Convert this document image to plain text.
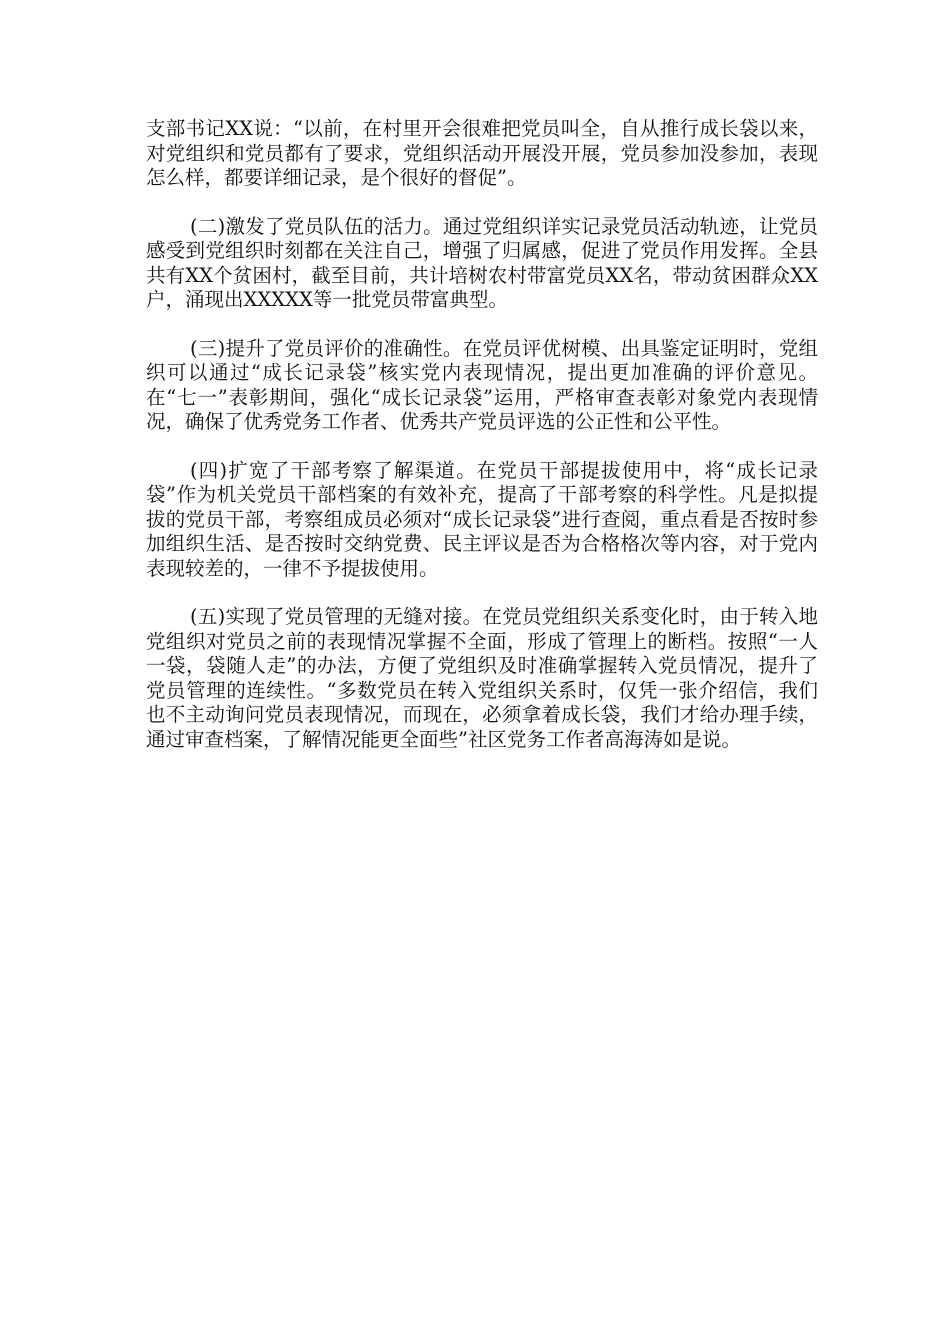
支部书记XX说：“以前，在村里开会很难把党员叫全，自从推行成长袋以来，对党组织和党员都有了要求，党组织活动开展没开展，党员参加没参加，表现怎么样，都要详细记录，是个很好的督促”。

(二)激发了党员队伍的活力。通过党组织详实记录党员活动轨迹，让党员感受到党组织时刻都在关注自己，增强了归属感，促进了党员作用发挥。全县共有XX个贫困村，截至目前，共计培树农村带富党员XX名，带动贫困群众XX户，涌现出XXXXX等一批党员带富典型。

(三)提升了党员评价的准确性。在党员评优树模、出具鉴定证明时，党组织可以通过“成长记录袋”核实党内表现情况，提出更加准确的评价意见。在“七一”表彰期间，强化“成长记录袋”运用，严格审查表彰对象党内表现情况，确保了优秀党务工作者、优秀共产党员评选的公正性和公平性。

(四)扩宽了干部考察了解渠道。在党员干部提拔使用中，将“成长记录袋”作为机关党员干部档案的有效补充，提高了干部考察的科学性。凡是拟提拔的党员干部，考察组成员必须对“成长记录袋”进行查阅，重点看是否按时参加组织生活、是否按时交纳党费、民主评议是否为合格格次等内容，对于党内表现较差的，一律不予提拔使用。

(五)实现了党员管理的无缝对接。在党员党组织关系变化时，由于转入地党组织对党员之前的表现情况掌握不全面，形成了管理上的断档。按照“一人一袋，袋随人走”的办法，方便了党组织及时准确掌握转入党员情况，提升了党员管理的连续性。“多数党员在转入党组织关系时，仅凭一张介绍信，我们也不主动询问党员表现情况，而现在，必须拿着成长袋，我们才给办理手续，通过审查档案，了解情况能更全面些”社区党务工作者高海涛如是说。
